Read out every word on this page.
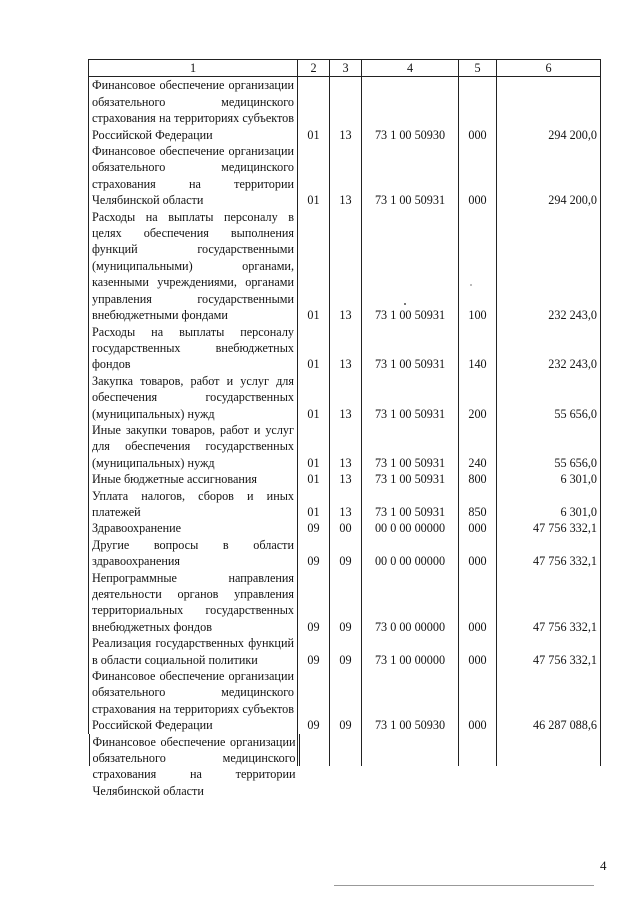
1	2	3	4	5	6
Финансовое обеспечение организации обязательного медицинского страхования на территориях субъектов Российской Федерации	01	13	73 1 00 50930	000	294 200,0
Финансовое обеспечение организации обязательного медицинского страхования на территории Челябинской области	01	13	73 1 00 50931	000	294 200,0
Расходы на выплаты персоналу в целях обеспечения выполнения функций государственными (муниципальными) органами, казенными учреждениями, органами управления государственными внебюджетными фондами	01	13	73 1 00 50931	100	232 243,0
Расходы на выплаты персоналу государственных внебюджетных фондов	01	13	73 1 00 50931	140	232 243,0
Закупка товаров, работ и услуг для обеспечения государственных (муниципальных) нужд	01	13	73 1 00 50931	200	55 656,0
Иные закупки товаров, работ и услуг для обеспечения государственных (муниципальных) нужд	01	13	73 1 00 50931	240	55 656,0
Иные бюджетные ассигнования	01	13	73 1 00 50931	800	6 301,0
Уплата налогов, сборов и иных платежей	01	13	73 1 00 50931	850	6 301,0
Здравоохранение	09	00	00 0 00 00000	000	47 756 332,1
Другие вопросы в области здравоохранения	09	09	00 0 00 00000	000	47 756 332,1
Непрограммные направления деятельности органов управления территориальных государственных внебюджетных фондов	09	09	73 0 00 00000	000	47 756 332,1
Реализация государственных функций в области социальной политики	09	09	73 1 00 00000	000	47 756 332,1
Финансовое обеспечение организации обязательного медицинского страхования на территориях субъектов Российской Федерации	09	09	73 1 00 50930	000	46 287 088,6

Финансовое обеспечение организации обязательного медицинского страхования на территории Челябинской области

4
